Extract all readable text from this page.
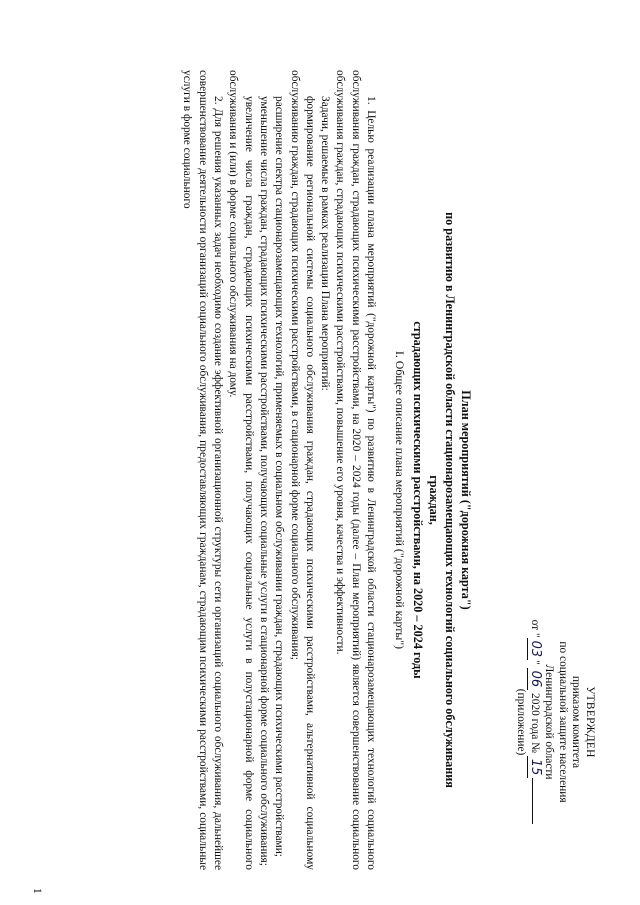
УТВЕРЖДЕН
приказом комитета
по социальной защите населения
Ленинградской области
от "03" 06 2020 года № 15
(приложение)
План мероприятий ("дорожная карта")
по развитию в Ленинградской области стационарозамещающих технологий социального обслуживания граждан,
страдающих психическими расстройствами, на 2020 – 2024 годы
I. Общее описание плана мероприятий ("дорожной карты")

1. Целью реализации плана мероприятий ("дорожной карты") по развитию в Ленинградской области стационарозамещающих технологий социального обслуживания граждан, страдающих психическими расстройствами, на 2020 – 2024 годы (далее – План мероприятий) является совершенствование социального обслуживания граждан, страдающих психическими расстройствами, повышение его уровня, качества и эффективности.

Задачи, решаемые в рамках реализации Плана мероприятий:

формирование региональной системы социального обслуживания граждан, страдающих психическими расстройствами, альтернативной социальному обслуживанию граждан, страдающих психическими расстройствами, в стационарной форме социального обслуживания;

расширение спектра стационарозамещающих технологий, применяемых в социальном обслуживании граждан, страдающих психическими расстройствами;

уменьшение числа граждан, страдающих психическими расстройствами, получающих социальные услуги в стационарной форме социального обслуживания;

увеличение числа граждан, страдающих психическими расстройствами, получающих социальные услуги в полустационарной форме социального обслуживания и (или) в форме социального обслуживания на дому.

2. Для решения указанных задач необходимо создание эффективной организационной структуры сети организаций социального обслуживания, дальнейшее совершенствование деятельности организаций социального обслуживания, предоставляющих гражданам, страдающим психическими расстройствами, социальные услуги в форме социального

1
